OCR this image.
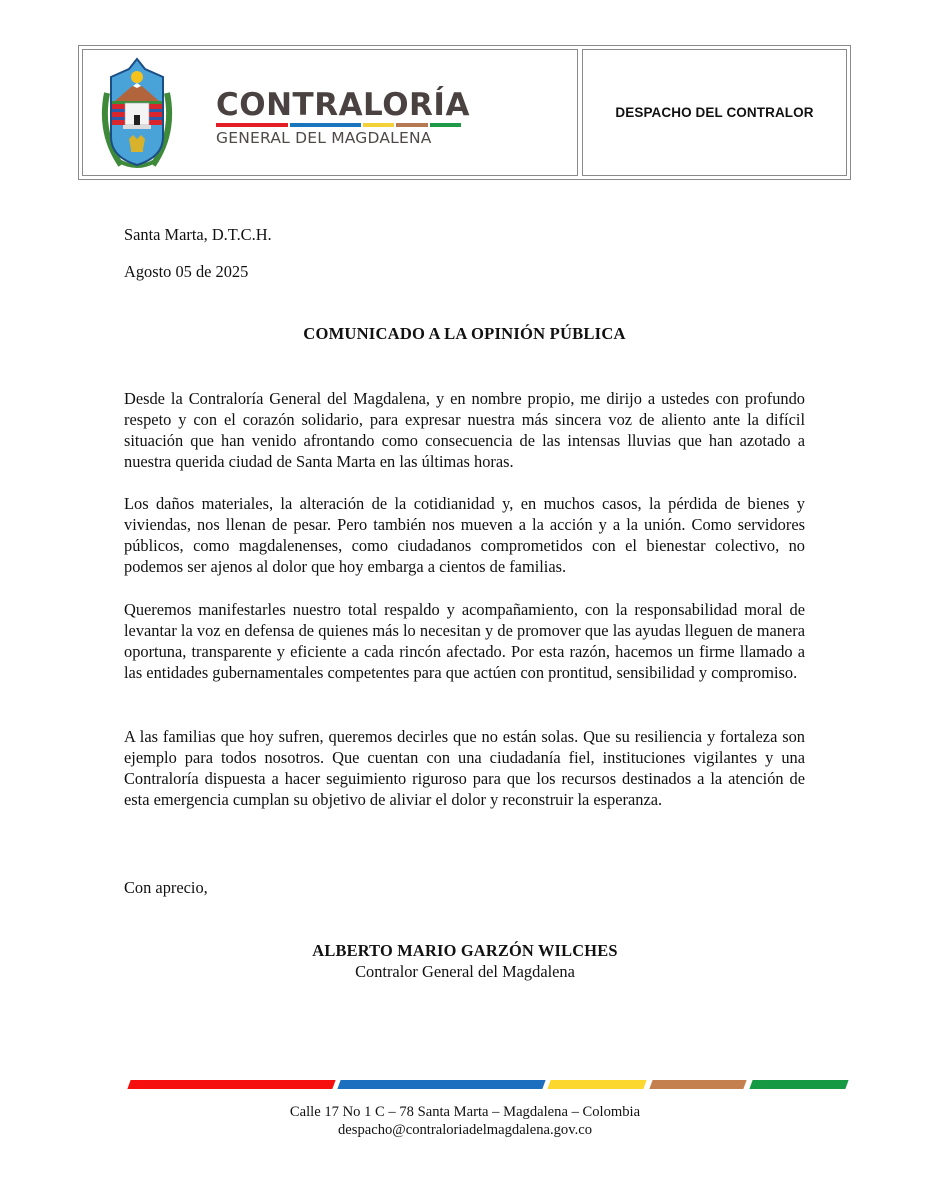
CONTRALORÍA
GENERAL DEL MAGDALENA
DESPACHO DEL CONTRALOR
Santa Marta, D.T.C.H.
Agosto 05 de 2025
COMUNICADO A LA OPINIÓN PÚBLICA
Desde la Contraloría General del Magdalena, y en nombre propio, me dirijo a ustedes con profundo respeto y con el corazón solidario, para expresar nuestra más sincera voz de aliento ante la difícil situación que han venido afrontando como consecuencia de las intensas lluvias que han azotado a nuestra querida ciudad de Santa Marta en las últimas horas.
Los daños materiales, la alteración de la cotidianidad y, en muchos casos, la pérdida de bienes y viviendas, nos llenan de pesar. Pero también nos mueven a la acción y a la unión. Como servidores públicos, como magdalenenses, como ciudadanos comprometidos con el bienestar colectivo, no podemos ser ajenos al dolor que hoy embarga a cientos de familias.
Queremos manifestarles nuestro total respaldo y acompañamiento, con la responsabilidad moral de levantar la voz en defensa de quienes más lo necesitan y de promover que las ayudas lleguen de manera oportuna, transparente y eficiente a cada rincón afectado. Por esta razón, hacemos un firme llamado a las entidades gubernamentales competentes para que actúen con prontitud, sensibilidad y compromiso.
A las familias que hoy sufren, queremos decirles que no están solas. Que su resiliencia y fortaleza son ejemplo para todos nosotros. Que cuentan con una ciudadanía fiel, instituciones vigilantes y una Contraloría dispuesta a hacer seguimiento riguroso para que los recursos destinados a la atención de esta emergencia cumplan su objetivo de aliviar el dolor y reconstruir la esperanza.
Con aprecio,
ALBERTO MARIO GARZÓN WILCHES
Contralor General del Magdalena
Calle 17 No 1 C – 78 Santa Marta – Magdalena – Colombia
despacho@contraloriadelmagdalena.gov.co
